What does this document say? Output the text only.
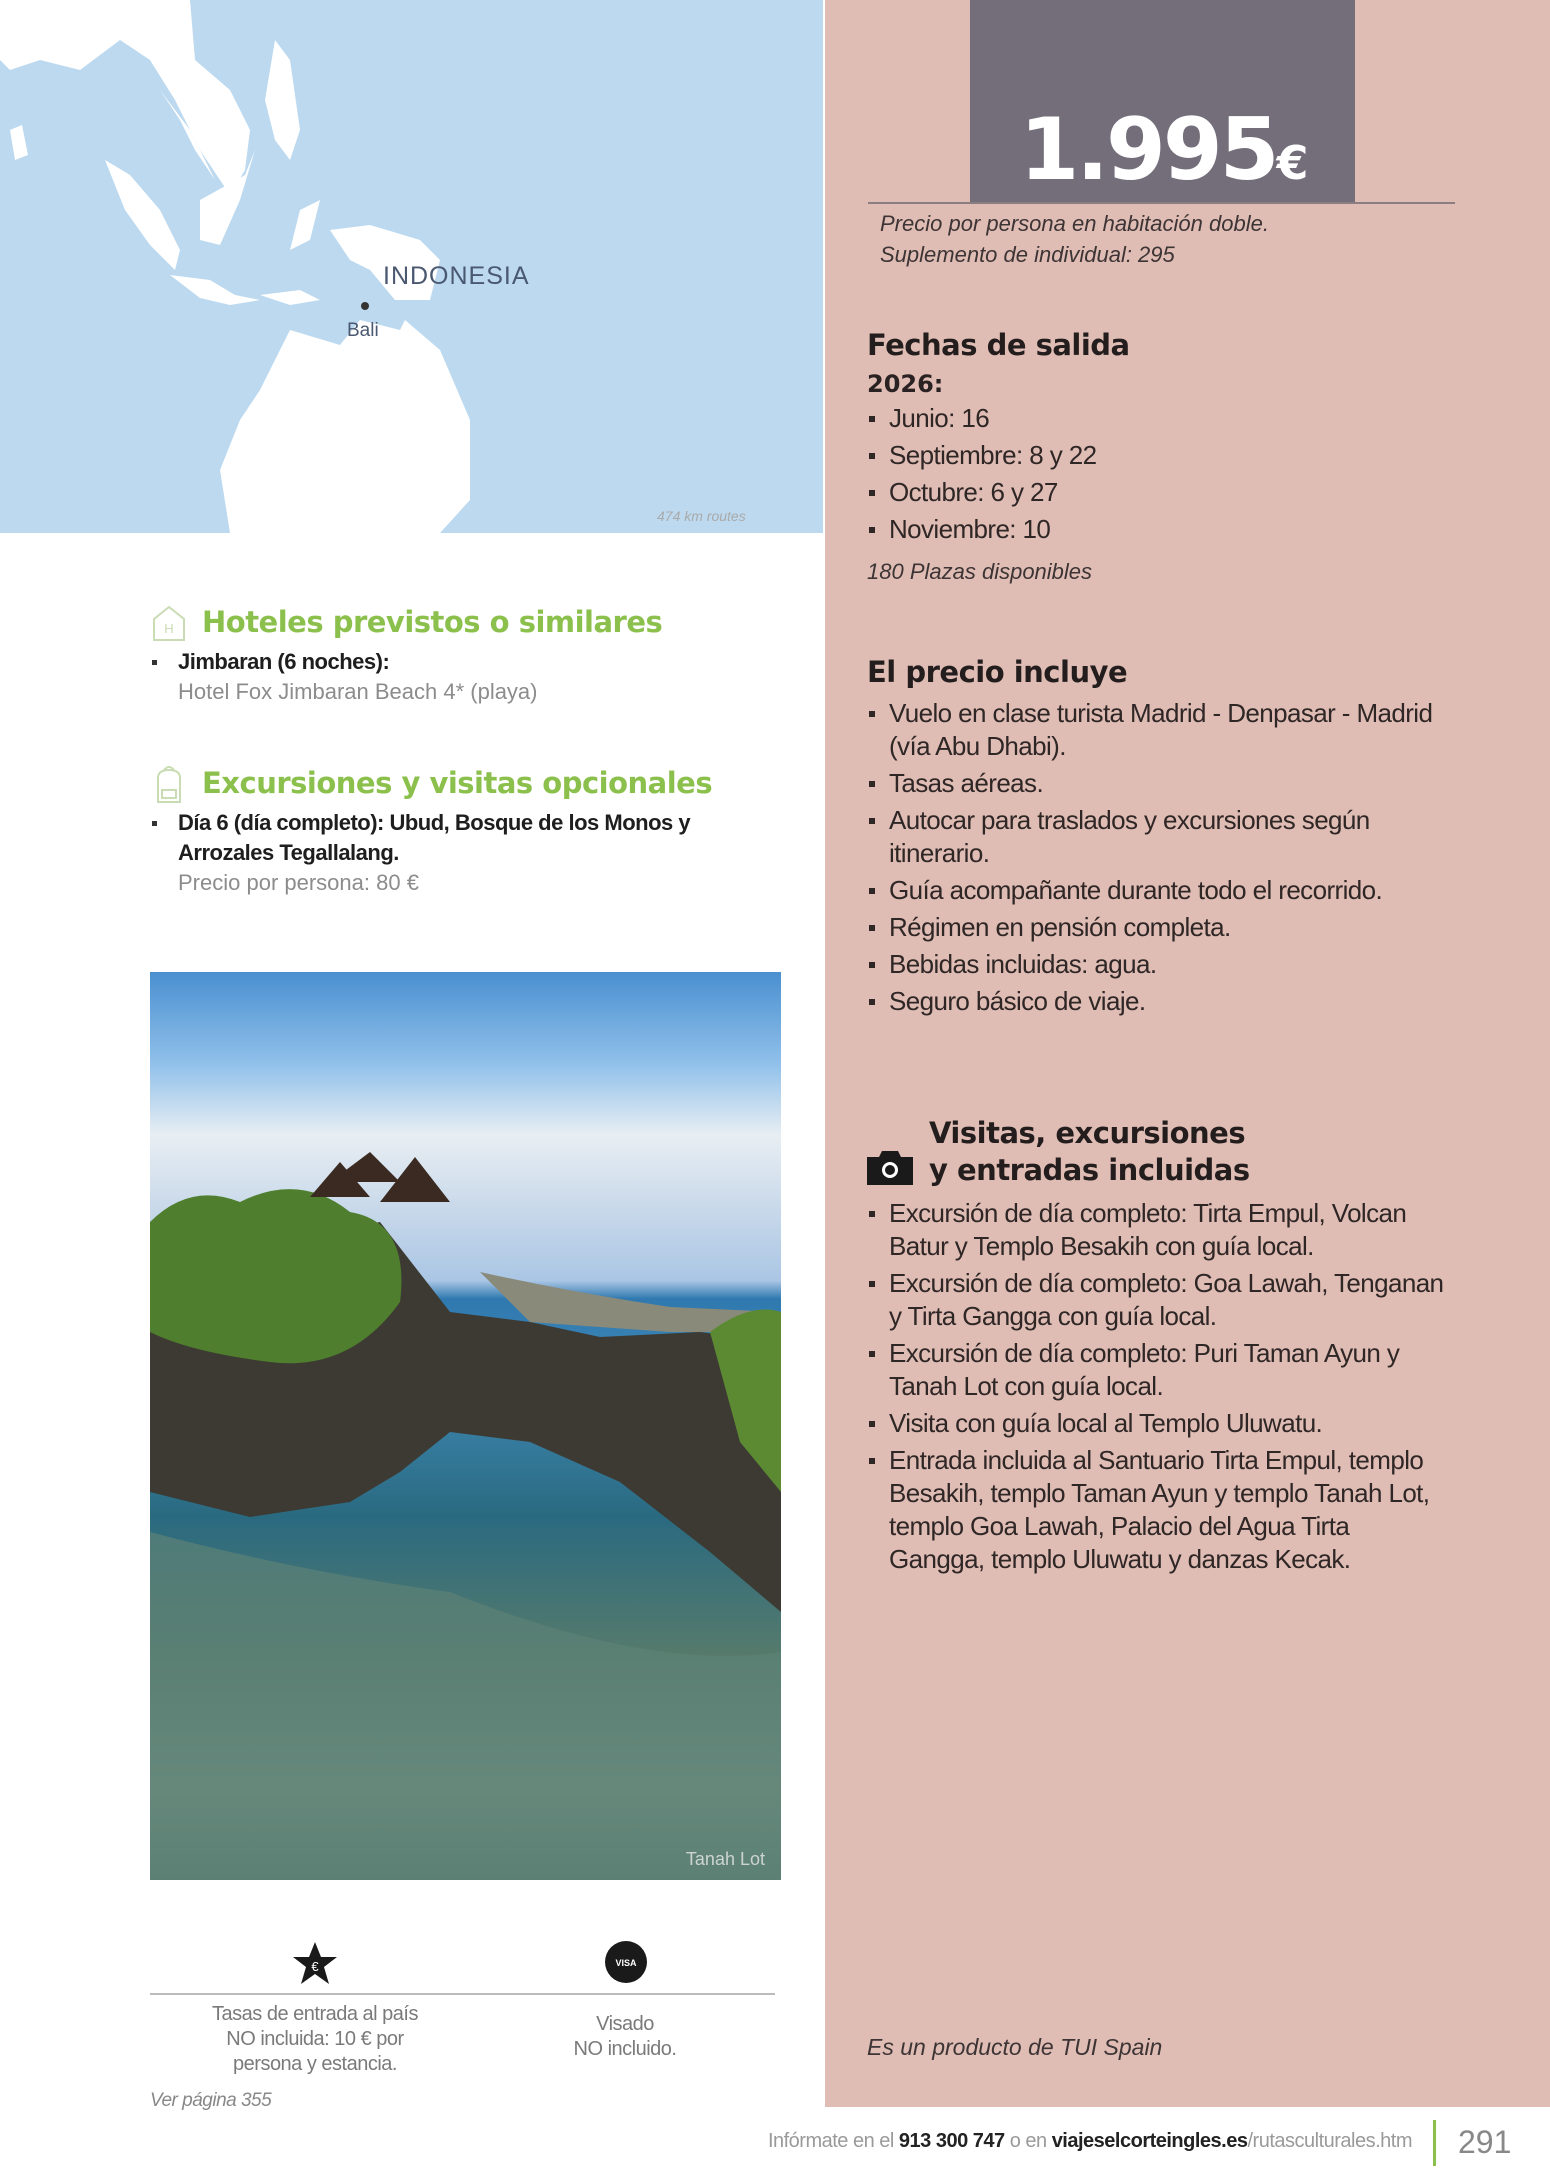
INDONESIA
Bali
474 km routes
1.995€
Precio por persona en habitación doble.
Suplemento de individual: 295
Fechas de salida
2026:
Junio: 16
Septiembre: 8 y 22
Octubre: 6 y 27
Noviembre: 10
180 Plazas disponibles
El precio incluye
Vuelo en clase turista Madrid - Denpasar - Madrid (vía Abu Dhabi).
Tasas aéreas.
Autocar para traslados y excursiones según itinerario.
Guía acompañante durante todo el recorrido.
Régimen en pensión completa.
Bebidas incluidas: agua.
Seguro básico de viaje.
Visitas, excursiones
y entradas incluidas
Excursión de día completo: Tirta Empul, Volcan Batur y Templo Besakih con guía local.
Excursión de día completo: Goa Lawah, Tenganan y Tirta Gangga con guía local.
Excursión de día completo: Puri Taman Ayun y Tanah Lot con guía local.
Visita con guía local al Templo Uluwatu.
Entrada incluida al Santuario Tirta Empul, templo Besakih, templo Taman Ayun y templo Tanah Lot, templo Goa Lawah, Palacio del Agua Tirta Gangga, templo Uluwatu y danzas Kecak.
Es un producto de TUI Spain
H Hoteles previstos o similares
Jimbaran (6 noches):
Hotel Fox Jimbaran Beach 4* (playa)
Excursiones y visitas opcionales
Día 6 (día completo): Ubud, Bosque de los Monos y Arrozales Tegallalang.
Precio por persona: 80 €
Tanah Lot
€	VISA
Tasas de entrada al país
NO incluida: 10 € por
persona y estancia.
Visado
NO incluido.
Ver página 355
Infórmate en el 913 300 747 o en viajeselcorteingles.es/rutasculturales.htm 291
